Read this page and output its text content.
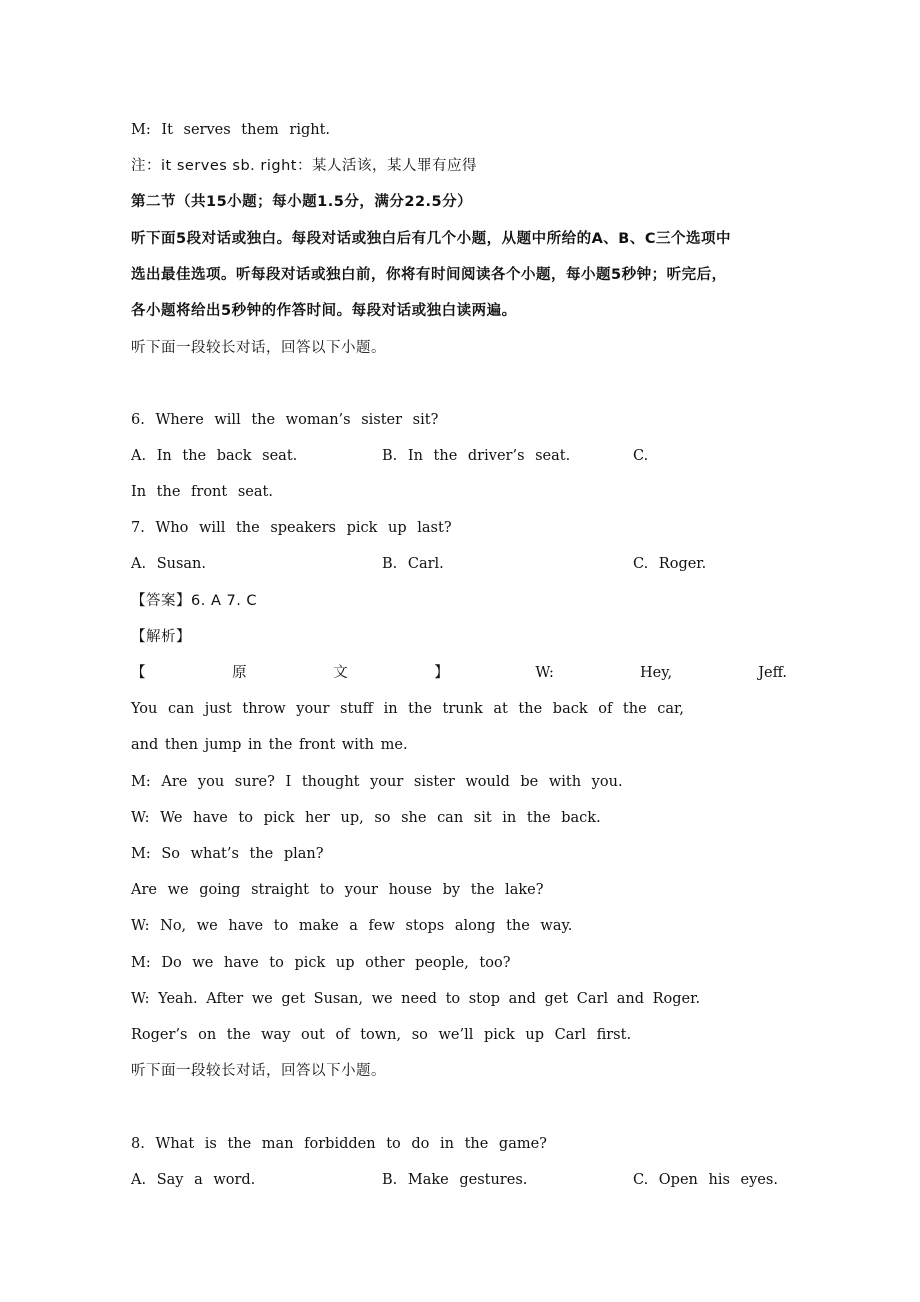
M: It serves them right.
注：it serves sb. right：某人活该，某人罪有应得
第二节（共15小题；每小题1.5分，满分22.5分）
听下面5段对话或独白。每段对话或独白后有几个小题，从题中所给的A、B、C三个选项中
选出最佳选项。听每段对话或独白前，你将有时间阅读各个小题，每小题5秒钟；听完后，
各小题将给出5秒钟的作答时间。每段对话或独白读两遍。
听下面一段较长对话，回答以下小题。
6. Where will the woman’s sister sit?
A. In the back seat.	B. In the driver’s seat.	C.
In the front seat.
7. Who will the speakers pick up last?
A. Susan.	B. Carl.	C. Roger.
【答案】6. A 7. C
【解析】
【	原	文	】	W:	Hey,	Jeff.
You can just throw your stuff in the trunk at the back of the car,
and then jump in the front with me.
M: Are you sure? I thought your sister would be with you.
W: We have to pick her up, so she can sit in the back.
M: So what’s the plan?
Are we going straight to your house by the lake?
W: No, we have to make a few stops along the way.
M: Do we have to pick up other people, too?
W: Yeah. After we get Susan, we need to stop and get Carl and Roger.
Roger’s on the way out of town, so we’ll pick up Carl first.
听下面一段较长对话，回答以下小题。
8. What is the man forbidden to do in the game?
A. Say a word.	B. Make gestures.	C. Open his eyes.
